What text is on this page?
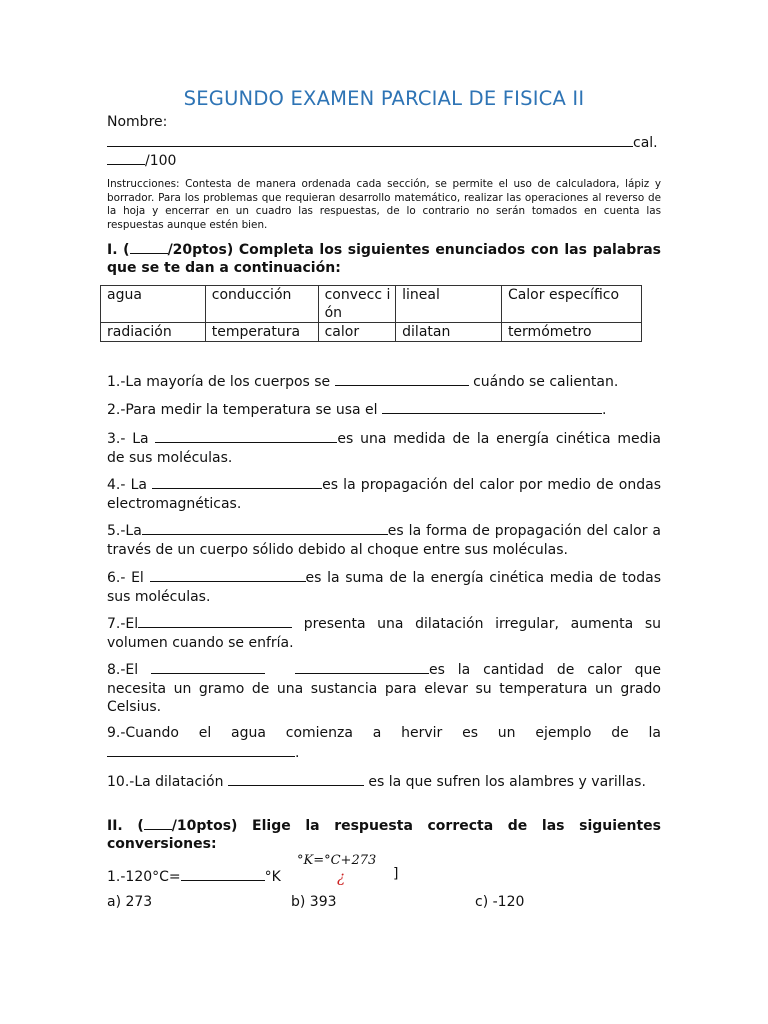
SEGUNDO EXAMEN PARCIAL DE FISICA II
Nombre:
cal.
/100
Instrucciones: Contesta de manera ordenada cada sección, se permite el uso de calculadora, lápiz y borrador. Para los problemas que requieran desarrollo matemático, realizar las operaciones al reverso de la hoja y encerrar en un cuadro las respuestas, de lo contrario no serán tomados en cuenta las respuestas aunque estén bien.
I. (	/20ptos) Completa los siguientes enunciados con las palabras que se te dan a continuación:
agua	conducción	convecc ión	lineal	Calor específico
radiación	temperatura	calor	dilatan	termómetro
1.-La mayoría de los cuerpos se	cuándo se calientan.
2.-Para medir la temperatura se usa el	.
3.- La	es una medida de la energía cinética media de sus moléculas.
4.- La	es la propagación del calor por medio de ondas electromagnéticas.
5.-La	es la forma de propagación del calor a través de un cuerpo sólido debido al choque entre sus moléculas.
6.- El	es la suma de la energía cinética media de todas sus moléculas.
7.-El	presenta una dilatación irregular, aumenta su volumen cuando se enfría.
8.-El	es la cantidad de calor que necesita un gramo de una sustancia para elevar su temperatura un grado Celsius.
9.-Cuando el agua comienza a hervir es un ejemplo de la
.
10.-La dilatación	es la que sufren los alambres y varillas.
II. ( /10ptos) Elige la respuesta correcta de las siguientes conversiones:
1.-120°C=	°K
°K=°C+273
¿	]
a) 273	b) 393	c) -120
